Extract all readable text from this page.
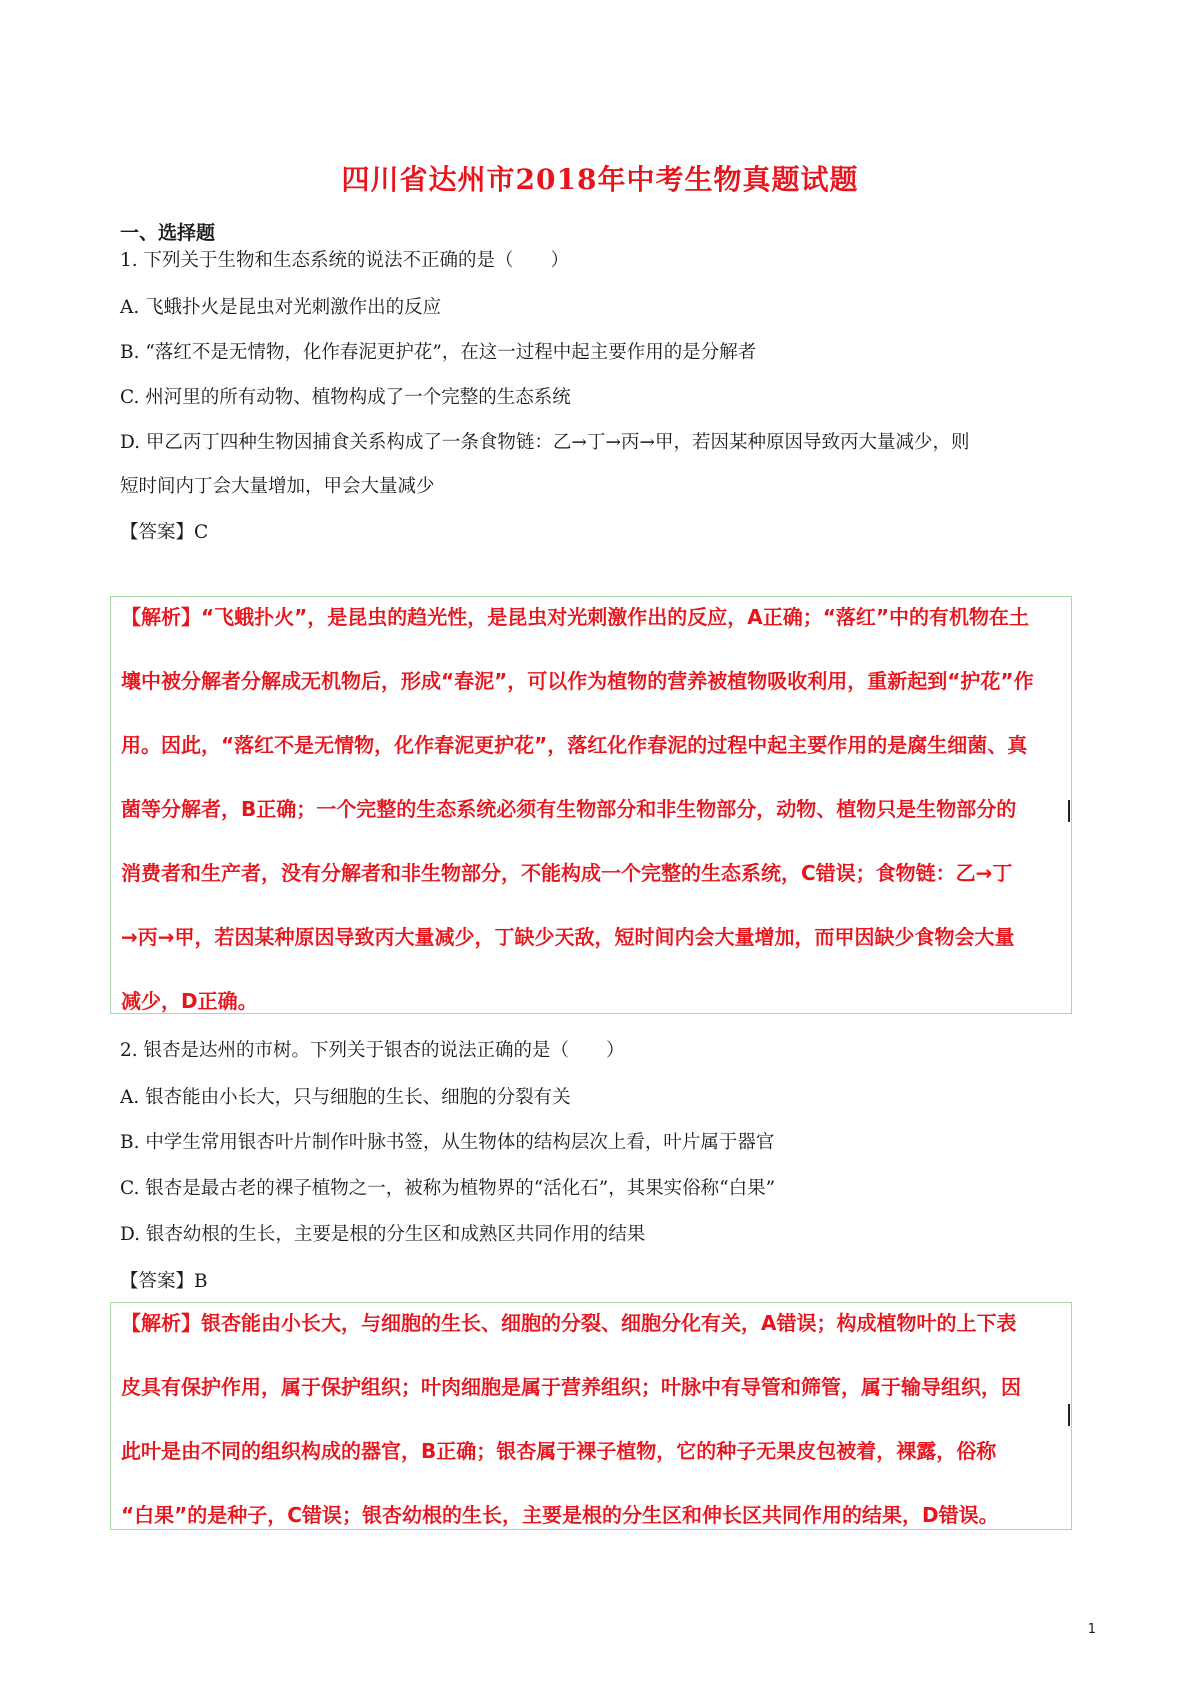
四川省达州市2018年中考生物真题试题
一、选择题
1. 下列关于生物和生态系统的说法不正确的是（　　）
A. 飞蛾扑火是昆虫对光刺激作出的反应
B. “落红不是无情物，化作春泥更护花”，在这一过程中起主要作用的是分解者
C. 州河里的所有动物、植物构成了一个完整的生态系统
D. 甲乙丙丁四种生物因捕食关系构成了一条食物链：乙→丁→丙→甲，若因某种原因导致丙大量减少，则
短时间内丁会大量增加，甲会大量减少
【答案】C
【解析】“飞蛾扑火”，是昆虫的趋光性，是昆虫对光刺激作出的反应，A正确；“落红”中的有机物在土
壤中被分解者分解成无机物后，形成“春泥”，可以作为植物的营养被植物吸收利用，重新起到“护花”作
用。因此，“落红不是无情物，化作春泥更护花”，落红化作春泥的过程中起主要作用的是腐生细菌、真
菌等分解者，B正确；一个完整的生态系统必须有生物部分和非生物部分，动物、植物只是生物部分的
消费者和生产者，没有分解者和非生物部分，不能构成一个完整的生态系统，C错误；食物链：乙→丁
→丙→甲，若因某种原因导致丙大量减少，丁缺少天敌，短时间内会大量增加，而甲因缺少食物会大量
减少，D正确。
2. 银杏是达州的市树。下列关于银杏的说法正确的是（　　）
A. 银杏能由小长大，只与细胞的生长、细胞的分裂有关
B. 中学生常用银杏叶片制作叶脉书签，从生物体的结构层次上看，叶片属于器官
C. 银杏是最古老的裸子植物之一，被称为植物界的“活化石”，其果实俗称“白果”
D. 银杏幼根的生长，主要是根的分生区和成熟区共同作用的结果
【答案】B
【解析】银杏能由小长大，与细胞的生长、细胞的分裂、细胞分化有关，A错误；构成植物叶的上下表
皮具有保护作用，属于保护组织；叶肉细胞是属于营养组织；叶脉中有导管和筛管，属于输导组织，因
此叶是由不同的组织构成的器官，B正确；银杏属于裸子植物，它的种子无果皮包被着，裸露，俗称
“白果”的是种子，C错误；银杏幼根的生长，主要是根的分生区和伸长区共同作用的结果，D错误。
1
